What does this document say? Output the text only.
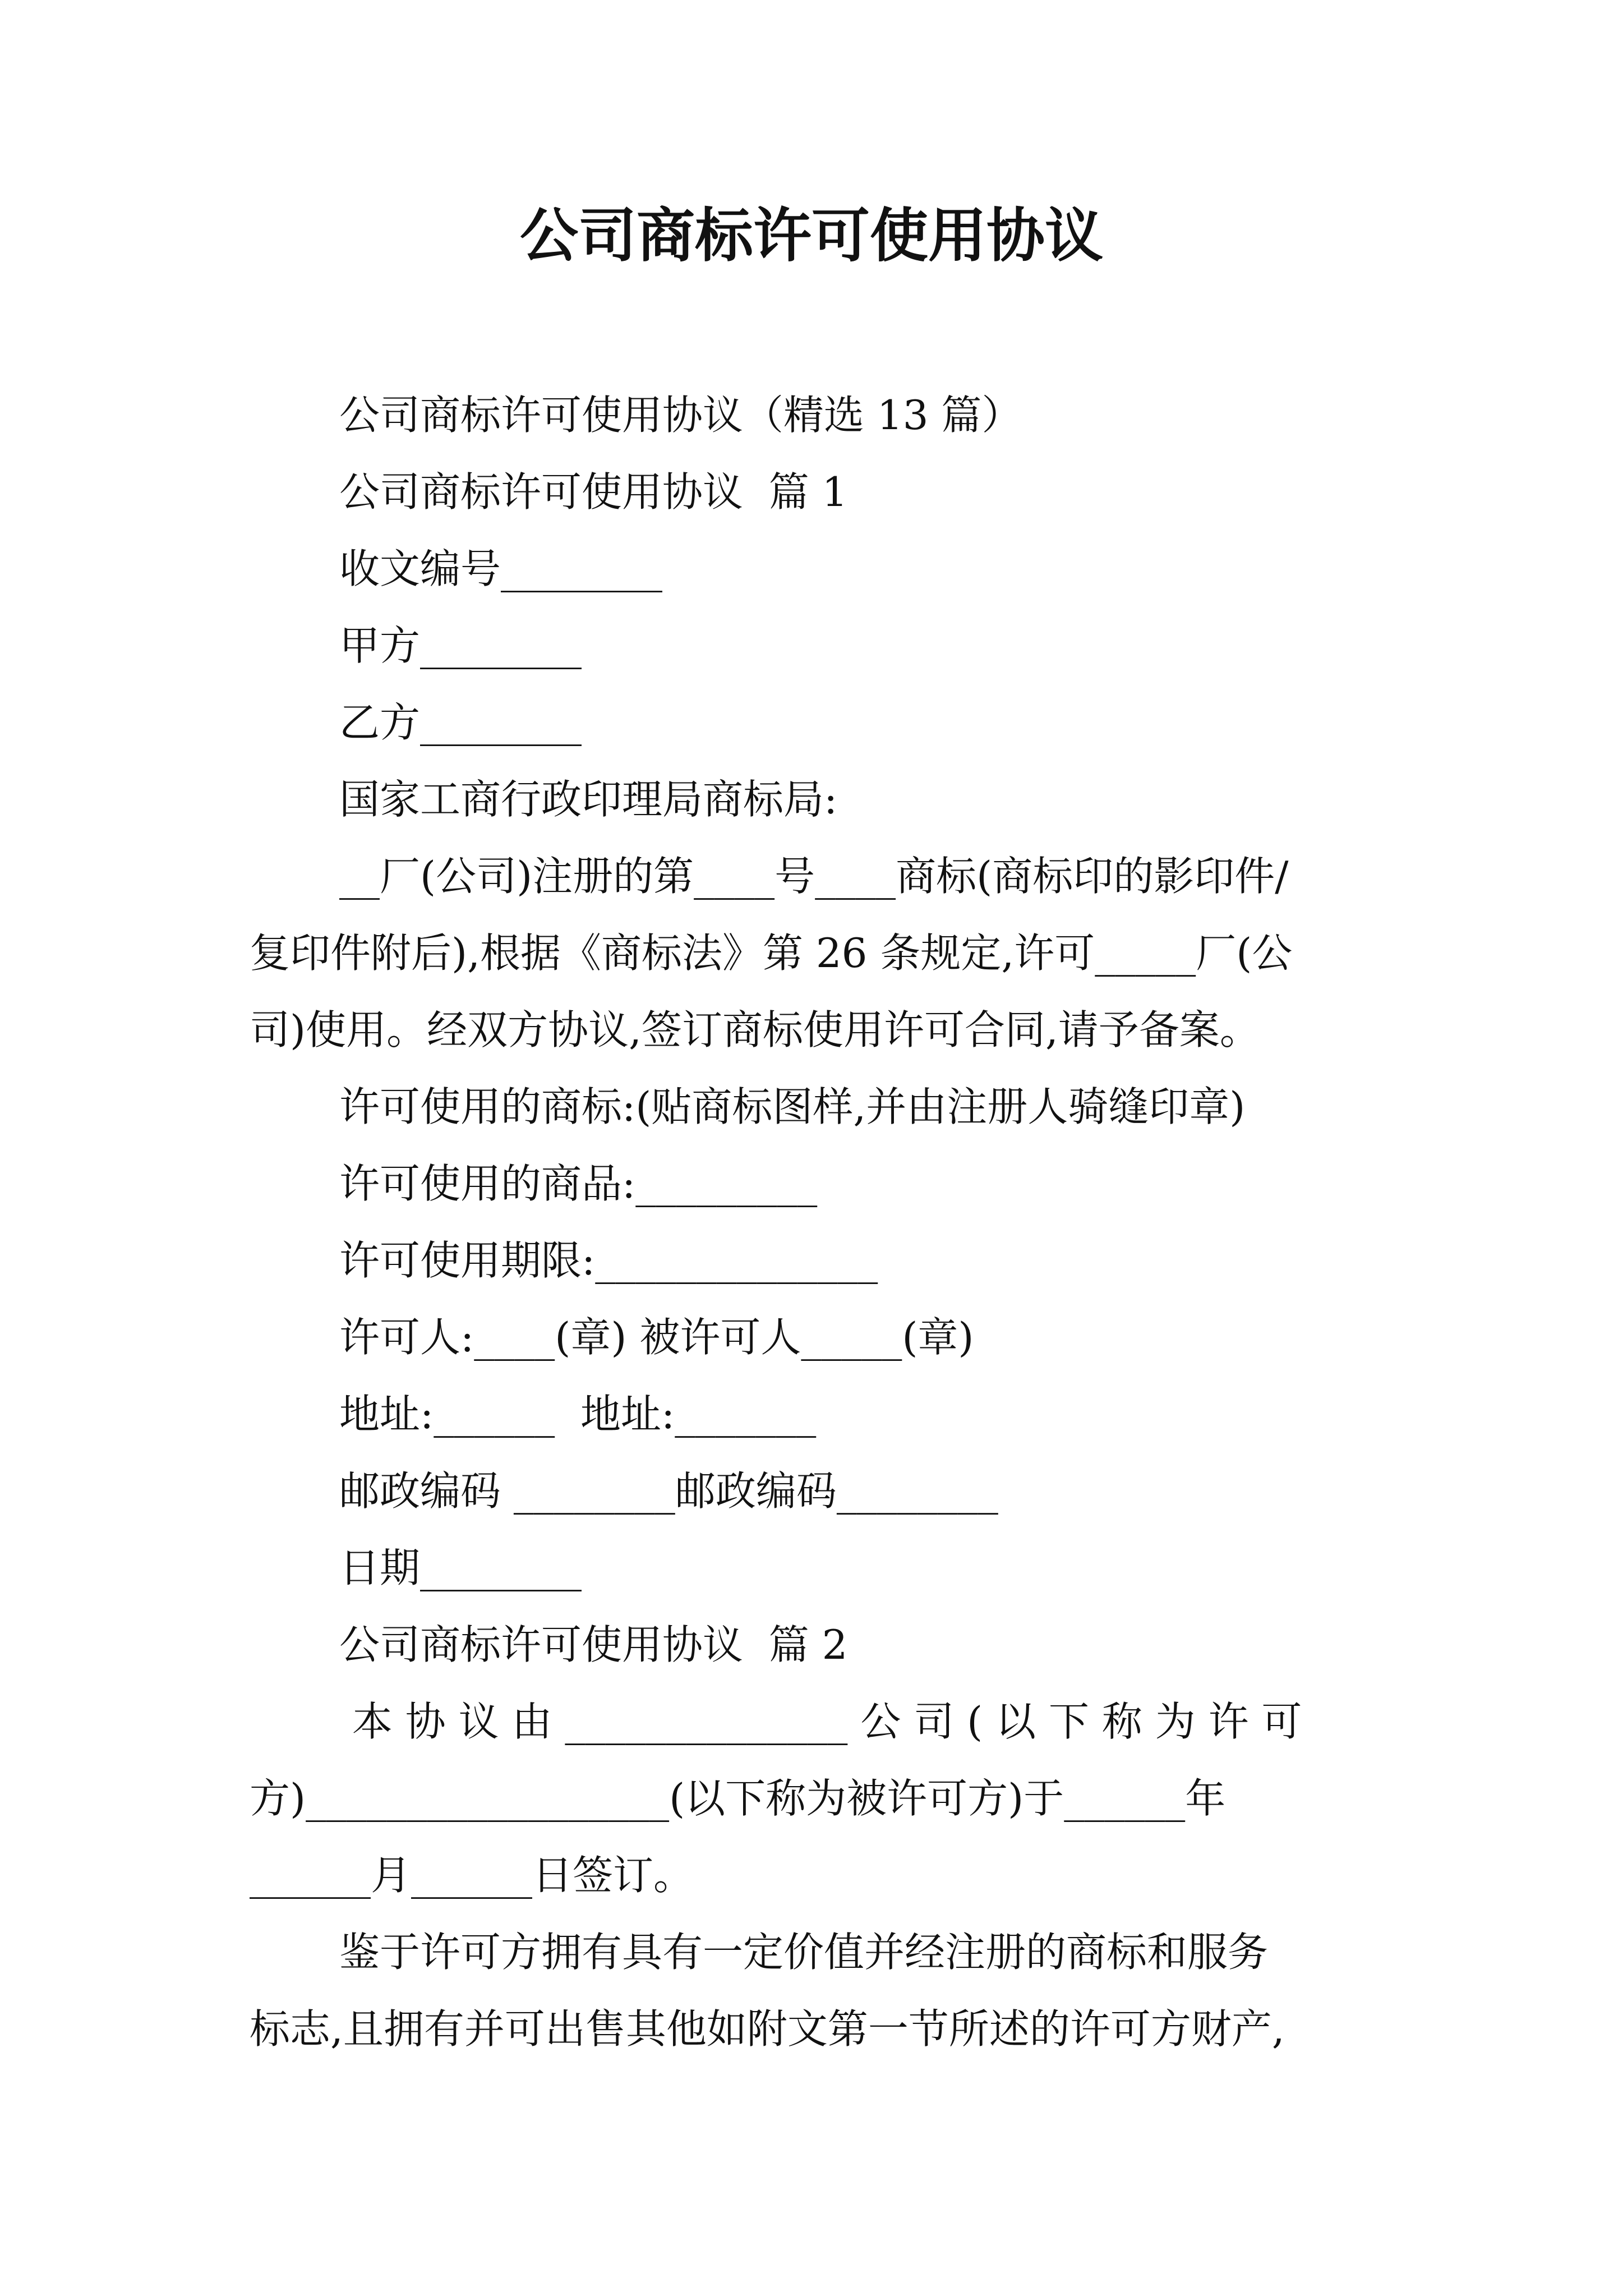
公司商标许可使用协议

公司商标许可使用协议（精选 13 篇）

公司商标许可使用协议  篇 1

收文编号________

甲方________

乙方________

国家工商行政印理局商标局:

__厂(公司)注册的第____号____商标(商标印的影印件/

复印件附后),根据《商标法》第 26 条规定,许可_____厂(公

司)使用。经双方协议,签订商标使用许可合同,请予备案。

许可使用的商标:(贴商标图样,并由注册人骑缝印章)

许可使用的商品:_________

许可使用期限:______________

许可人:____(章) 被许可人_____(章)

地址:______  地址:_______

邮政编码 ________邮政编码________

日期________

公司商标许可使用协议  篇 2

本 协 议 由 ______________ 公 司 ( 以 下 称 为 许 可

方)__________________(以下称为被许可方)于______年

______月______日签订。

鉴于许可方拥有具有一定价值并经注册的商标和服务

标志,且拥有并可出售其他如附文第一节所述的许可方财产,
